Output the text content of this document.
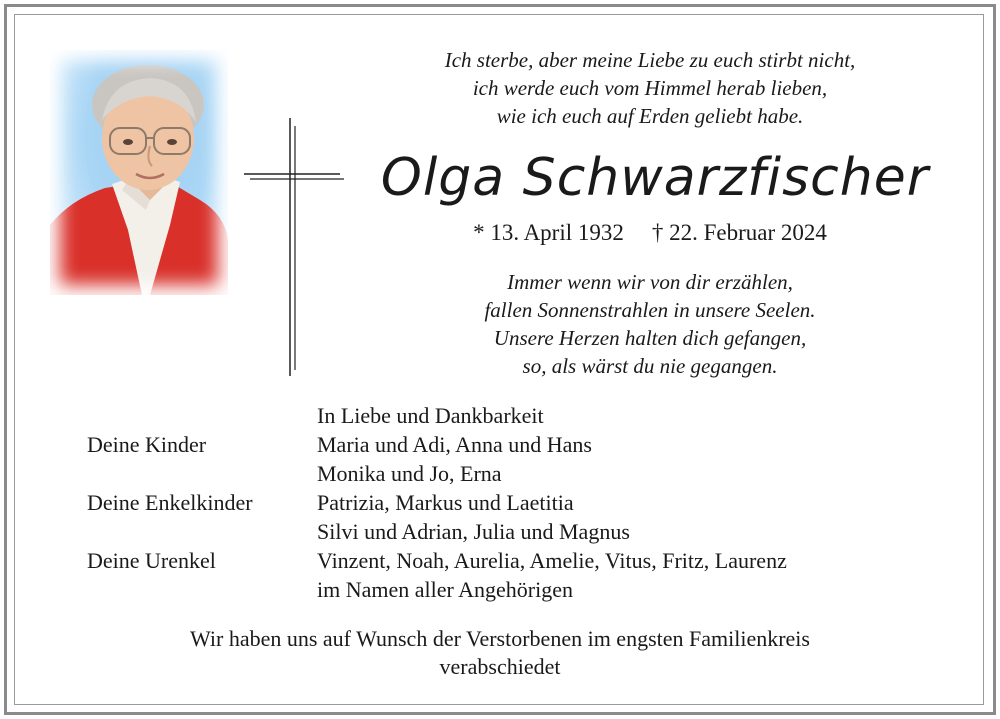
Ich sterbe, aber meine Liebe zu euch stirbt nicht,
ich werde euch vom Himmel herab lieben,
wie ich euch auf Erden geliebt habe.
Olga Schwarzfischer
* 13. April 1932 † 22. Februar 2024
Immer wenn wir von dir erzählen,
fallen Sonnenstrahlen in unsere Seelen.
Unsere Herzen halten dich gefangen,
so, als wärst du nie gegangen.
In Liebe und Dankbarkeit
Deine Kinder	Maria und Adi, Anna und Hans
Monika und Jo, Erna
Deine Enkelkinder	Patrizia, Markus und Laetitia
Silvi und Adrian, Julia und Magnus
Deine Urenkel	Vinzent, Noah, Aurelia, Amelie, Vitus, Fritz, Laurenz
im Namen aller Angehörigen
Wir haben uns auf Wunsch der Verstorbenen im engsten Familienkreis
verabschiedet
